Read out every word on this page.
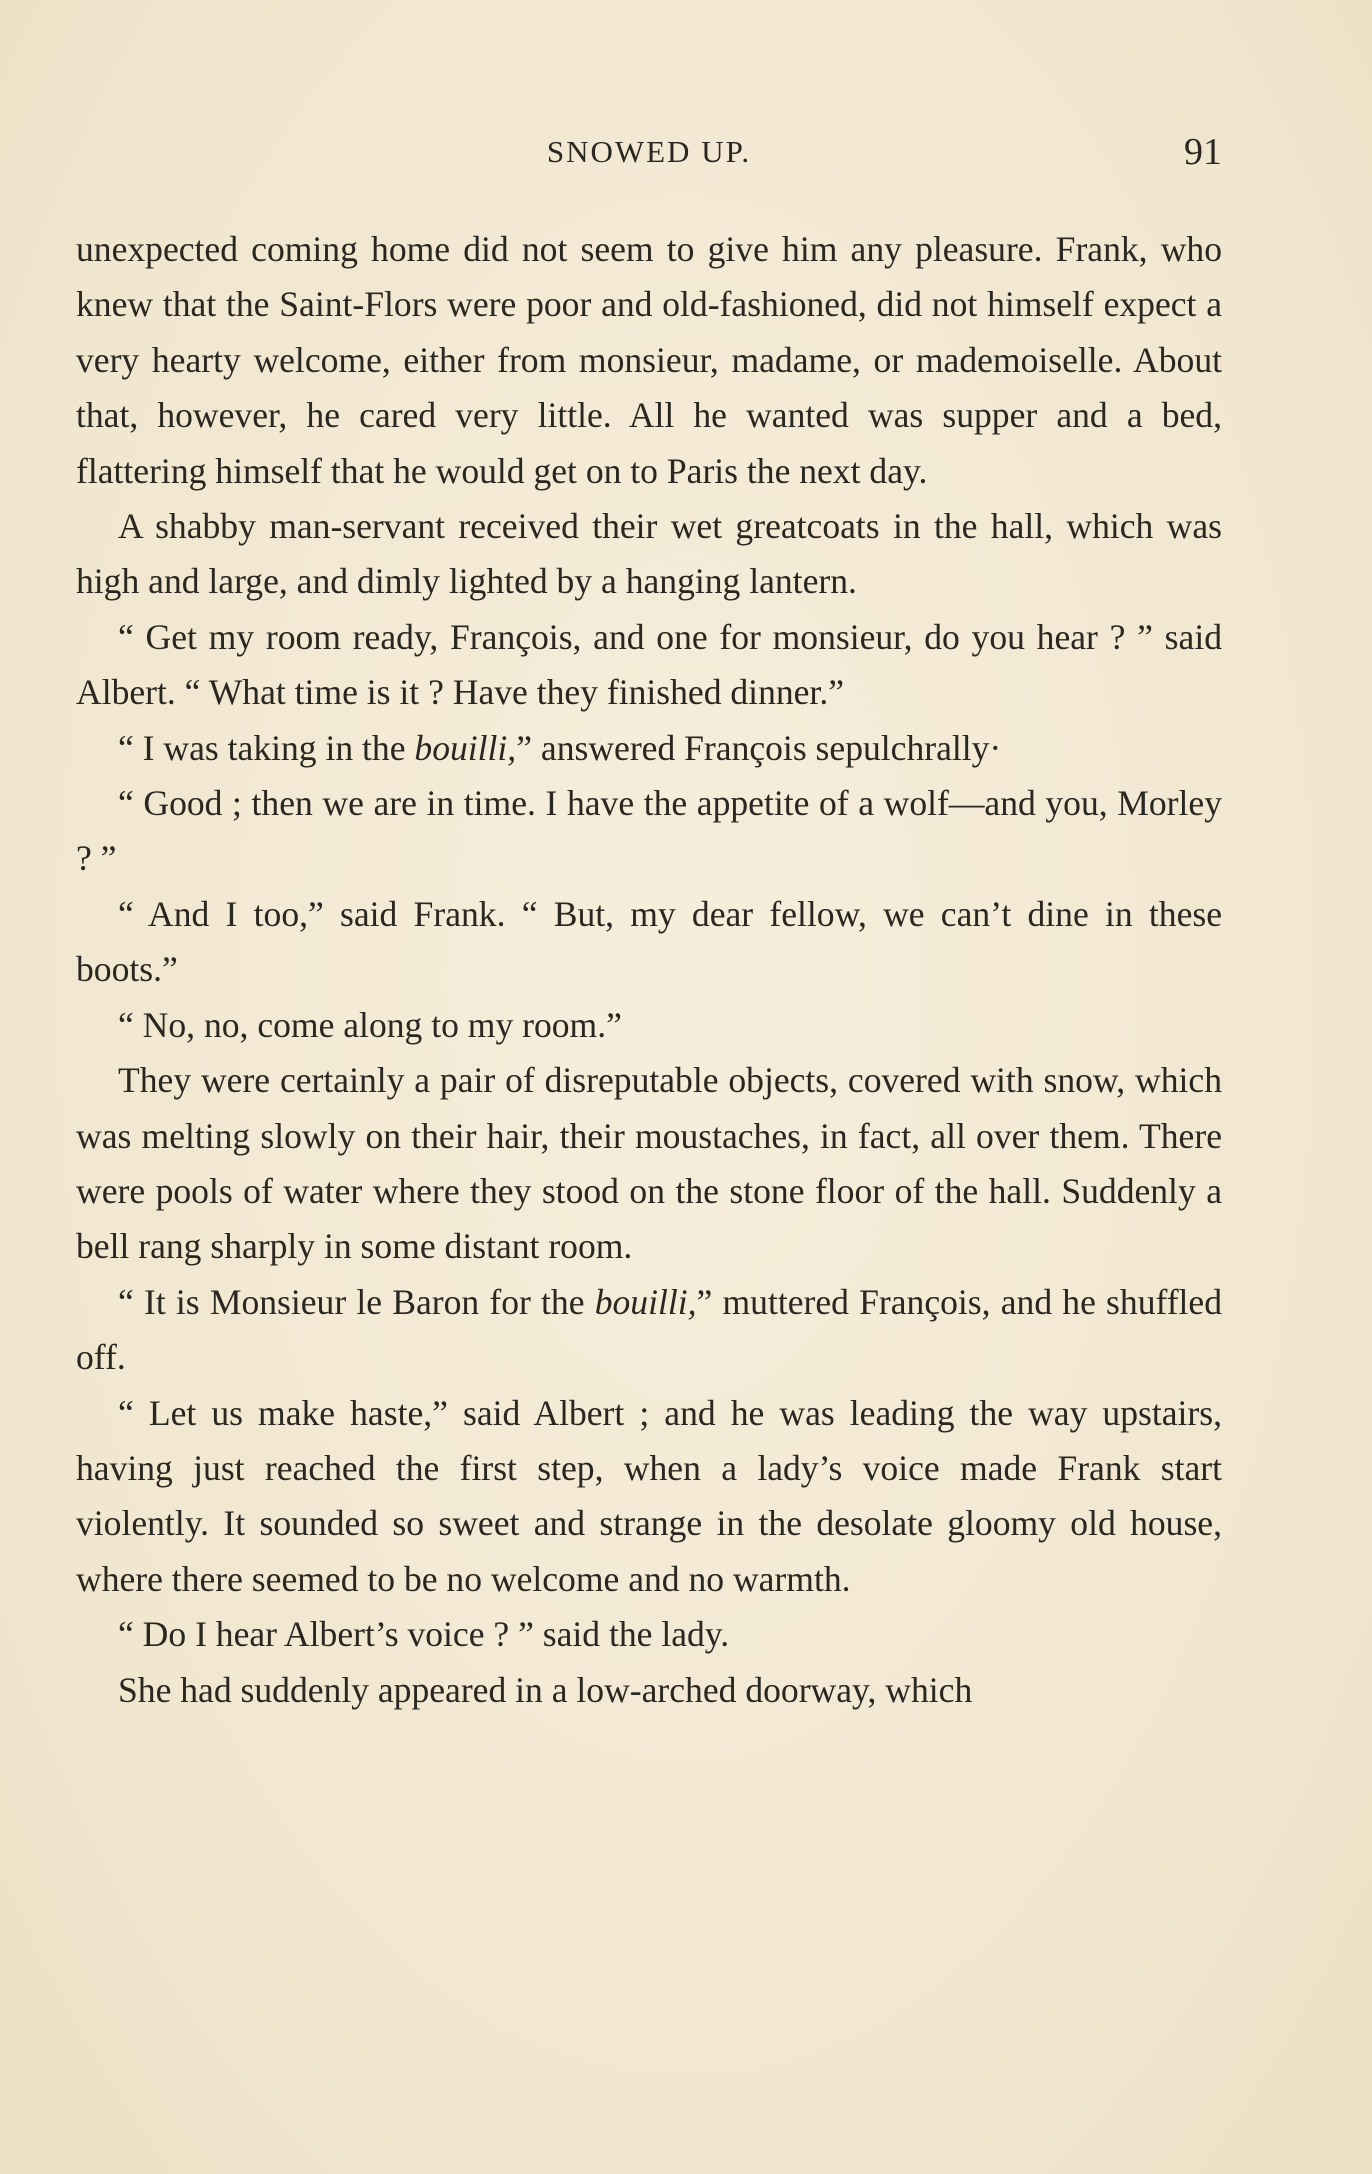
SNOWED UP.	91

unexpected coming home did not seem to give him any pleasure. Frank, who knew that the Saint-Flors were poor and old-fashioned, did not himself expect a very hearty welcome, either from monsieur, madame, or mademoiselle. About that, however, he cared very little. All he wanted was supper and a bed, flattering himself that he would get on to Paris the next day.

A shabby man-servant received their wet greatcoats in the hall, which was high and large, and dimly lighted by a hanging lantern.

“ Get my room ready, François, and one for monsieur, do you hear ? ” said Albert. “ What time is it ? Have they finished dinner.”

“ I was taking in the bouilli,” answered François sepulchrally·

“ Good ; then we are in time. I have the appetite of a wolf—and you, Morley ? ”

“ And I too,” said Frank. “ But, my dear fellow, we can’t dine in these boots.”

“ No, no, come along to my room.”

They were certainly a pair of disreputable objects, covered with snow, which was melting slowly on their hair, their moustaches, in fact, all over them. There were pools of water where they stood on the stone floor of the hall. Suddenly a bell rang sharply in some distant room.

“ It is Monsieur le Baron for the bouilli,” muttered François, and he shuffled off.

“ Let us make haste,” said Albert ; and he was leading the way upstairs, having just reached the first step, when a lady’s voice made Frank start violently. It sounded so sweet and strange in the desolate gloomy old house, where there seemed to be no welcome and no warmth.

“ Do I hear Albert’s voice ? ” said the lady.

She had suddenly appeared in a low-arched doorway, which
